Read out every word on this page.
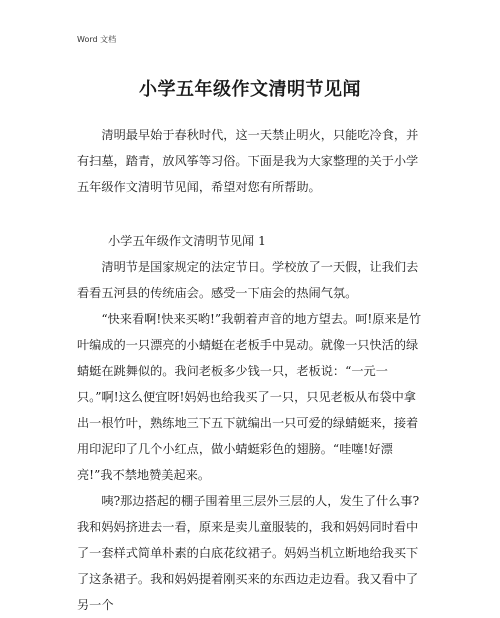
Word 文档
小学五年级作文清明节见闻

清明最早始于春秋时代，这一天禁止明火，只能吃冷食，并有扫墓，踏青，放风筝等习俗。下面是我为大家整理的关于小学五年级作文清明节见闻，希望对您有所帮助。

小学五年级作文清明节见闻 1

清明节是国家规定的法定节日。学校放了一天假，让我们去看看五河县的传统庙会。感受一下庙会的热闹气氛。

“快来看啊!快来买哟!”我朝着声音的地方望去。呵!原来是竹叶编成的一只漂亮的小蜻蜓在老板手中晃动。就像一只快活的绿蜻蜓在跳舞似的。我问老板多少钱一只，老板说：“一元一只。”啊!这么便宜呀!妈妈也给我买了一只，只见老板从布袋中拿出一根竹叶，熟练地三下五下就编出一只可爱的绿蜻蜓来，接着用印泥印了几个小红点，做小蜻蜓彩色的翅膀。“哇噻!好漂亮!”我不禁地赞美起来。

咦?那边搭起的棚子围着里三层外三层的人，发生了什么事?我和妈妈挤进去一看，原来是卖儿童服装的，我和妈妈同时看中了一套样式简单朴素的白底花纹裙子。妈妈当机立断地给我买下了这条裙子。我和妈妈提着刚买来的东西边走边看。我又看中了另一个
